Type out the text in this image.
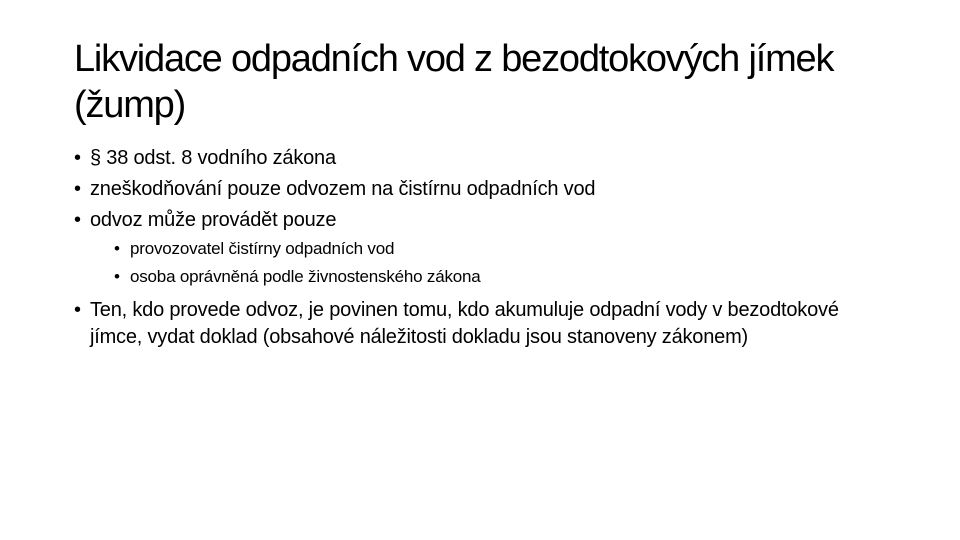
Likvidace odpadních vod z bezodtokových jímek (žump)
• § 38 odst. 8 vodního zákona
• zneškodňování pouze odvozem na čistírnu odpadních vod
• odvoz může provádět pouze
• provozovatel čistírny odpadních vod
• osoba oprávněná podle živnostenského zákona
• Ten, kdo provede odvoz, je povinen tomu, kdo akumuluje odpadní vody v bezodtokové jímce, vydat doklad (obsahové náležitosti dokladu jsou stanoveny zákonem)
